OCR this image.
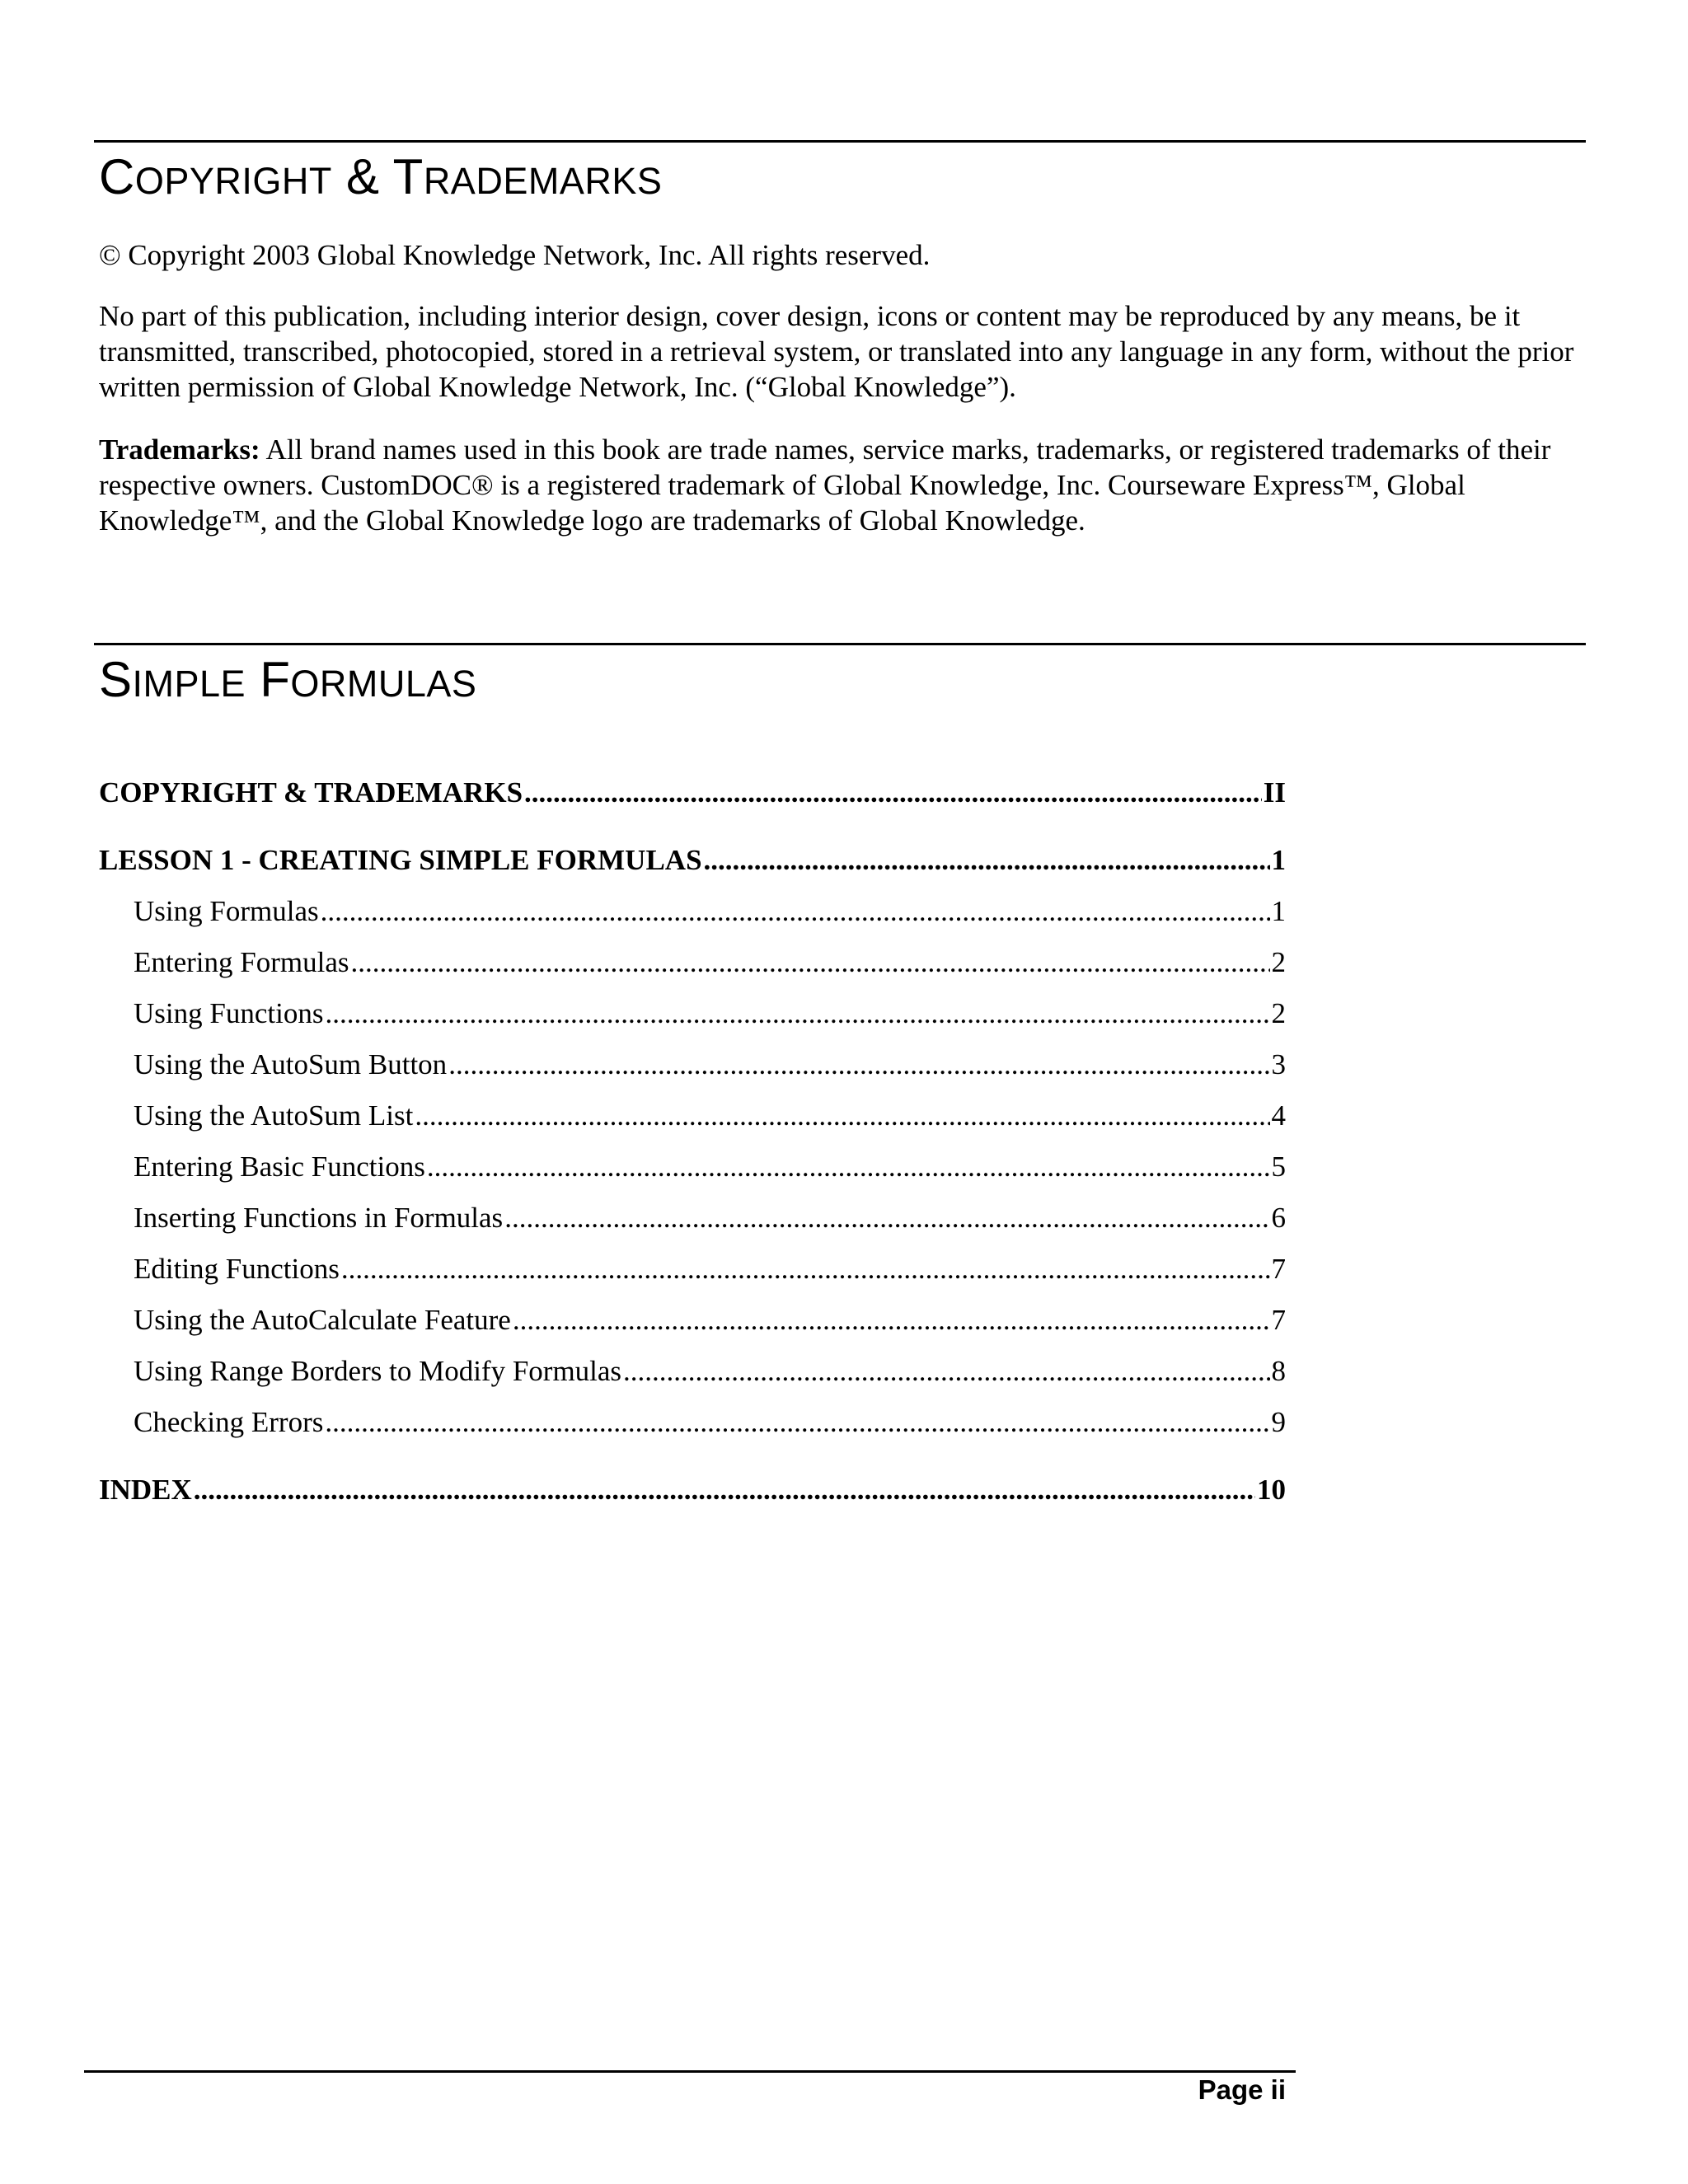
COPYRIGHT & TRADEMARKS

© Copyright 2003 Global Knowledge Network, Inc. All rights reserved.

No part of this publication, including interior design, cover design, icons or content may be reproduced by any means, be it transmitted, transcribed, photocopied, stored in a retrieval system, or translated into any language in any form, without the prior written permission of Global Knowledge Network, Inc. (“Global Knowledge”).

Trademarks: All brand names used in this book are trade names, service marks, trademarks, or registered trademarks of their respective owners. CustomDOC® is a registered trademark of Global Knowledge, Inc. Courseware Express™, Global Knowledge™, and the Global Knowledge logo are trademarks of Global Knowledge.

SIMPLE FORMULAS
COPYRIGHT & TRADEMARKS .....	II
LESSON 1 - CREATING SIMPLE FORMULAS .....	1
Using Formulas .....	1
Entering Formulas .....	2
Using Functions .....	2
Using the AutoSum Button .....	3
Using the AutoSum List .....	4
Entering Basic Functions .....	5
Inserting Functions in Formulas .....	6
Editing Functions .....	7
Using the AutoCalculate Feature .....	7
Using Range Borders to Modify Formulas .....	8
Checking Errors .....	9
INDEX .....	10
Page ii
